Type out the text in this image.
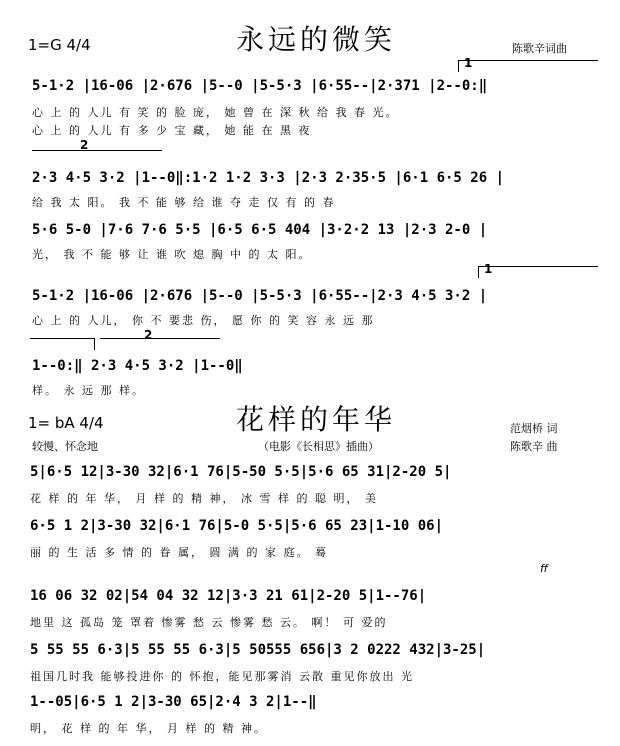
1=G 4/4	永远的微笑	陈歌辛词曲
1
5-1·2 |16-06 |2·676 |5--0 |5-5·3 |6·55--|2·371 |2--0:‖
心 上 的 人儿 有 笑 的 脸 庞， 她 曾 在 深 秋 给 我 春 光。
心 上 的 人儿 有 多 少 宝 藏， 她 能 在 黑 夜
2
2·3 4·5 3·2 |1--0‖:1·2 1·2 3·3 |2·3 2·35·5 |6·1 6·5 26 |
给 我 太 阳。 我 不 能 够 给 谁 夺 走 仅 有 的 春
5·6 5-0 |7·6 7·6 5·5 |6·5 6·5 404 |3·2·2 13 |2·3 2-0 |
光， 我 不 能 够 让 谁 吹 熄 胸 中 的 太 阳。
1
5-1·2 |16-06 |2·676 |5--0 |5-5·3 |6·55--|2·3 4·5 3·2 |
心 上 的 人儿， 你 不 要悲 伤， 愿 你 的 笑 容 永 远 那
2
1--0:‖ 2·3 4·5 3·2 |1--0‖
样。 永 远 那 样。
1= bA 4/4	花样的年华	范烟桥 词
较慢、怀念地	（电影《长相思》插曲）	陈歌辛 曲
5|6·5 12|3-30 32|6·1 76|5-50 5·5|5·6 65 31|2-20 5|
花 样 的 年 华， 月 样 的 精 神， 冰 雪 样 的 聪 明， 美
6·5 1 2|3-30 32|6·1 76|5-0 5·5|5·6 65 23|1-10 06|
丽 的 生 活 多 情 的 眷 属， 圆 满 的 家 庭。 蓦
ff
16 06 32 02|54 04 32 12|3·3 21 61|2-20 5|1--76|
地里 这 孤岛 笼 罩着 惨雾 愁 云 惨雾 愁 云。 啊！ 可 爱的
5 55 55 6·3|5 55 55 6·3|5 50555 656|3 2 0222 432|3-25|
祖国几时我 能够投进你 的 怀抱，能见那雾消 云散 重见你放出 光
1--05|6·5 1 2|3-30 65|2·4 3 2|1--‖
明， 花 样 的 年 华， 月 样 的 精 神。
